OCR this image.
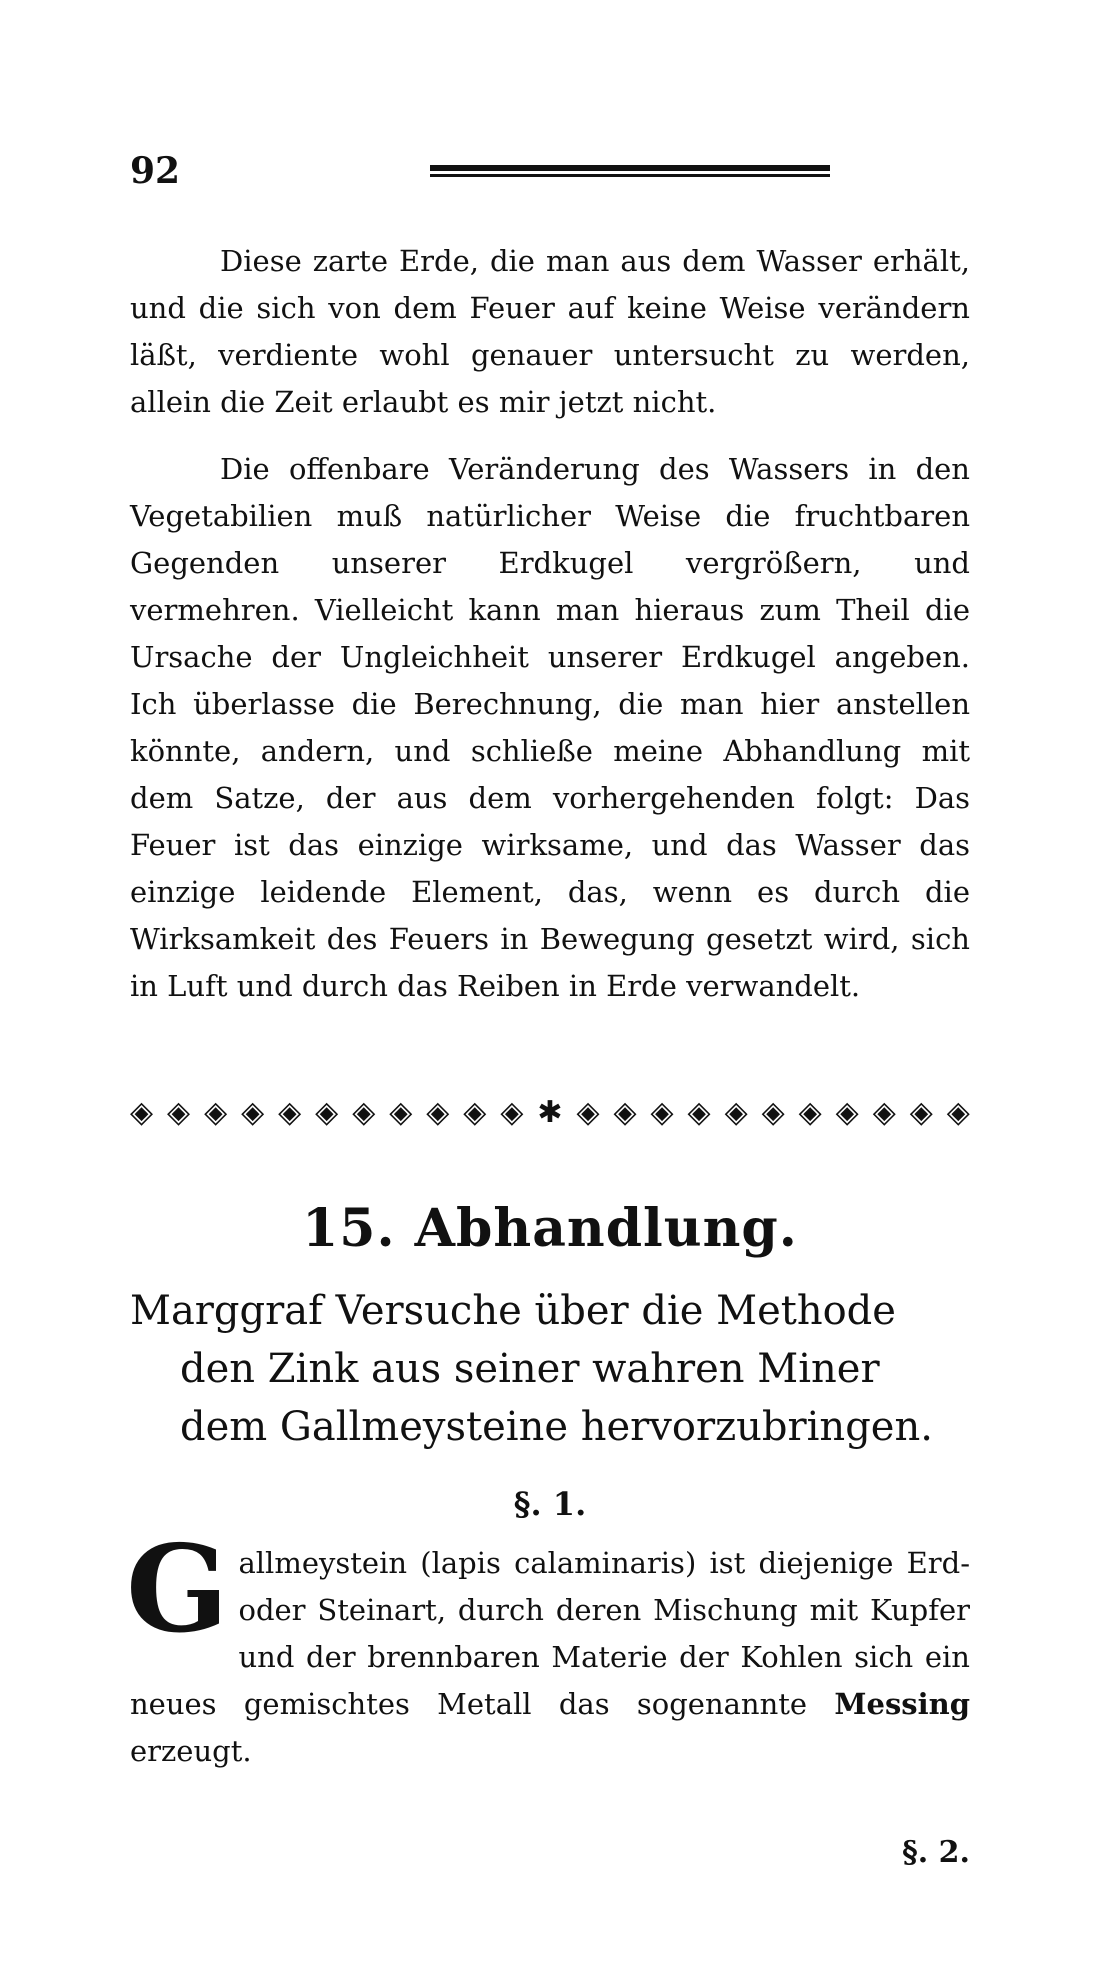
92
Diese zarte Erde, die man aus dem Wasser erhält, und die sich von dem Feuer auf keine Weise verändern läßt, verdiente wohl genauer untersucht zu werden, allein die Zeit erlaubt es mir jetzt nicht.
Die offenbare Veränderung des Wassers in den Vegetabilien muß natürlicher Weise die fruchtbaren Gegenden unserer Erdkugel vergrößern, und vermehren. Vielleicht kann man hieraus zum Theil die Ursache der Ungleichheit unserer Erdkugel angeben. Ich überlasse die Berechnung, die man hier anstellen könnte, andern, und schließe meine Abhandlung mit dem Satze, der aus dem vorhergehenden folgt: Das Feuer ist das einzige wirksame, und das Wasser das einzige leidende Element, das, wenn es durch die Wirksamkeit des Feuers in Bewegung gesetzt wird, sich in Luft und durch das Reiben in Erde verwandelt.
◈ ◈ ◈ ◈ ◈ ◈ ◈ ◈ ◈ ◈ ◈ ✱ ◈ ◈ ◈ ◈ ◈ ◈ ◈ ◈ ◈ ◈ ◈
15. Abhandlung.
Marggraf Versuche über die Methode den Zink aus seiner wahren Miner dem Gallmeysteine hervorzubringen.
§. 1.
Gallmeystein (lapis calaminaris) ist diejenige Erd- oder Steinart, durch deren Mischung mit Kupfer und der brennbaren Materie der Kohlen sich ein neues gemischtes Metall das sogenannte Messing erzeugt.
§. 2.
